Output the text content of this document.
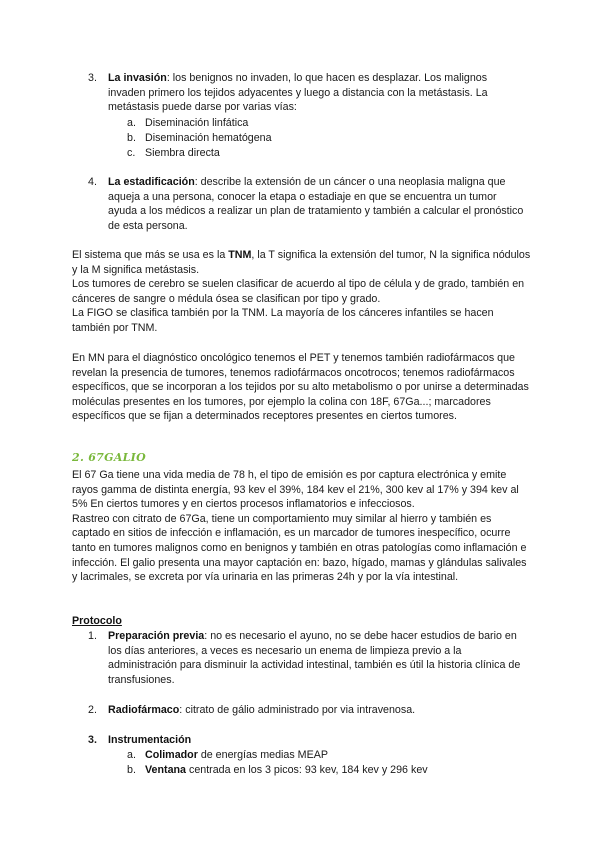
3. La invasión: los benignos no invaden, lo que hacen es desplazar. Los malignos invaden primero los tejidos adyacentes y luego a distancia con la metástasis. La metástasis puede darse por varias vías:

a. Diseminación linfática
b. Diseminación hematógena
c. Siembra directa
4. La estadificación: describe la extensión de un cáncer o una neoplasia maligna que aqueja a una persona, conocer la etapa o estadiaje en que se encuentra un tumor ayuda a los médicos a realizar un plan de tratamiento y también a calcular el pronóstico de esta persona.

El sistema que más se usa es la TNM, la T significa la extensión del tumor, N la significa nódulos y la M significa metástasis.

Los tumores de cerebro se suelen clasificar de acuerdo al tipo de célula y de grado, también en cánceres de sangre o médula ósea se clasifican por tipo y grado.

La FIGO se clasifica también por la TNM. La mayoría de los cánceres infantiles se hacen también por TNM.

En MN para el diagnóstico oncológico tenemos el PET y tenemos también radiofármacos que revelan la presencia de tumores, tenemos radiofármacos oncotrocos; tenemos radiofármacos específicos, que se incorporan a los tejidos por su alto metabolismo o por unirse a determinadas moléculas presentes en los tumores, por ejemplo la colina con 18F, 67Ga...; marcadores específicos que se fijan a determinados receptores presentes en ciertos tumores.

2. 67GALIO

El 67 Ga tiene una vida media de 78 h, el tipo de emisión es por captura electrónica y emite rayos gamma de distinta energía, 93 kev el 39%, 184 kev el 21%, 300 kev al 17% y 394 kev al 5% En ciertos tumores y en ciertos procesos inflamatorios e infecciosos.

Rastreo con citrato de 67Ga, tiene un comportamiento muy similar al hierro y también es captado en sitios de infección e inflamación, es un marcador de tumores inespecífico, ocurre tanto en tumores malignos como en benignos y también en otras patologías como inflamación e infección. El galio presenta una mayor captación en: bazo, hígado, mamas y glándulas salivales y lacrimales, se excreta por vía urinaria en las primeras 24h y por la vía intestinal.

Protocolo
1. Preparación previa: no es necesario el ayuno, no se debe hacer estudios de bario en los días anteriores, a veces es necesario un enema de limpieza previo a la administración para disminuir la actividad intestinal, también es útil la historia clínica de transfusiones.

2. Radiofármaco: citrato de gálio administrado por via intravenosa.

3. Instrumentación

a. Colimador de energías medias MEAP
b. Ventana centrada en los 3 picos: 93 kev, 184 kev y 296 kev
